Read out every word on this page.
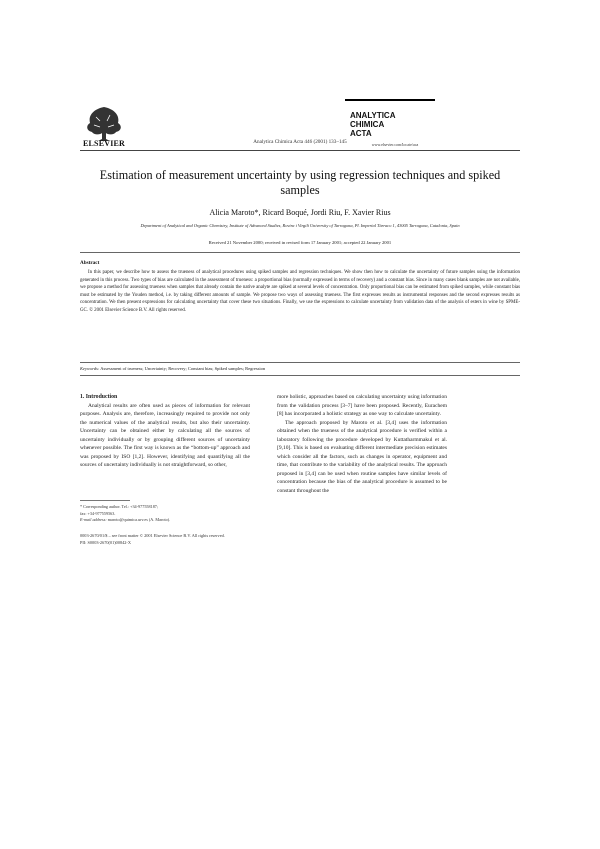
ELSEVIER	Analytica Chimica Acta 446 (2001) 133–145
ANALYTICA
CHIMICA
ACTA
www.elsevier.com/locate/aca
Estimation of measurement uncertainty by using regression techniques and spiked samples
Alicia Maroto*, Ricard Boqué, Jordi Riu, F. Xavier Rius
Department of Analytical and Organic Chemistry, Institute of Advanced Studies, Rovira i Virgili University of Tarragona, Pl. Imperial Tàrraco 1, 43005 Tarragona, Catalonia, Spain
Received 21 November 2000; received in revised form 17 January 2001; accepted 22 January 2001
Abstract

In this paper, we describe how to assess the trueness of analytical procedures using spiked samples and regression techniques. We show then how to calculate the uncertainty of future samples using the information generated in this process. Two types of bias are calculated in the assessment of trueness: a proportional bias (normally expressed in terms of recovery) and a constant bias. Since in many cases blank samples are not available, we propose a method for assessing trueness when samples that already contain the native analyte are spiked at several levels of concentration. Only proportional bias can be estimated from spiked samples, while constant bias must be estimated by the Youden method, i.e. by taking different amounts of sample. We propose two ways of assessing trueness. The first expresses results as instrumental responses and the second expresses results as concentration. We then present expressions for calculating uncertainty that cover these two situations. Finally, we use the expressions to calculate uncertainty from validation data of the analysis of esters in wine by SPME-GC. © 2001 Elsevier Science B.V. All rights reserved.

Keywords: Assessment of trueness; Uncertainty; Recovery; Constant bias; Spiked samples; Regression

1. Introduction

Analytical results are often used as pieces of information for relevant purposes. Analysis are, therefore, increasingly required to provide not only the numerical values of the analytical results, but also their uncertainty. Uncertainty can be obtained either by calculating all the sources of uncertainty individually or by grouping different sources of uncertainty whenever possible. The first way is known as the “bottom-up” approach and was proposed by ISO [1,2]. However, identifying and quantifying all the sources of uncertainty individually is not straightforward, so other,

* Corresponding author. Tel.: +34-977558187;
fax: +34-977559563.
E-mail address: maroto@quimica.urv.es (A. Maroto).

more holistic, approaches based on calculating uncertainty using information from the validation process [3–7] have been proposed. Recently, Eurachem [8] has incorporated a holistic strategy as one way to calculate uncertainty.

The approach proposed by Maroto et al. [3,4] uses the information obtained when the trueness of the analytical procedure is verified within a laboratory following the procedure developed by Kuttatharmmakul et al. [9,10]. This is based on evaluating different intermediate precision estimates which consider all the factors, such as changes in operator, equipment and time, that contribute to the variability of the analytical results. The approach proposed in [3,4] can be used when routine samples have similar levels of concentration because the bias of the analytical procedure is assumed to be constant throughout the

0003-2670/01/$ – see front matter © 2001 Elsevier Science B.V. All rights reserved.
PII: S0003-2670(01)00842-X
